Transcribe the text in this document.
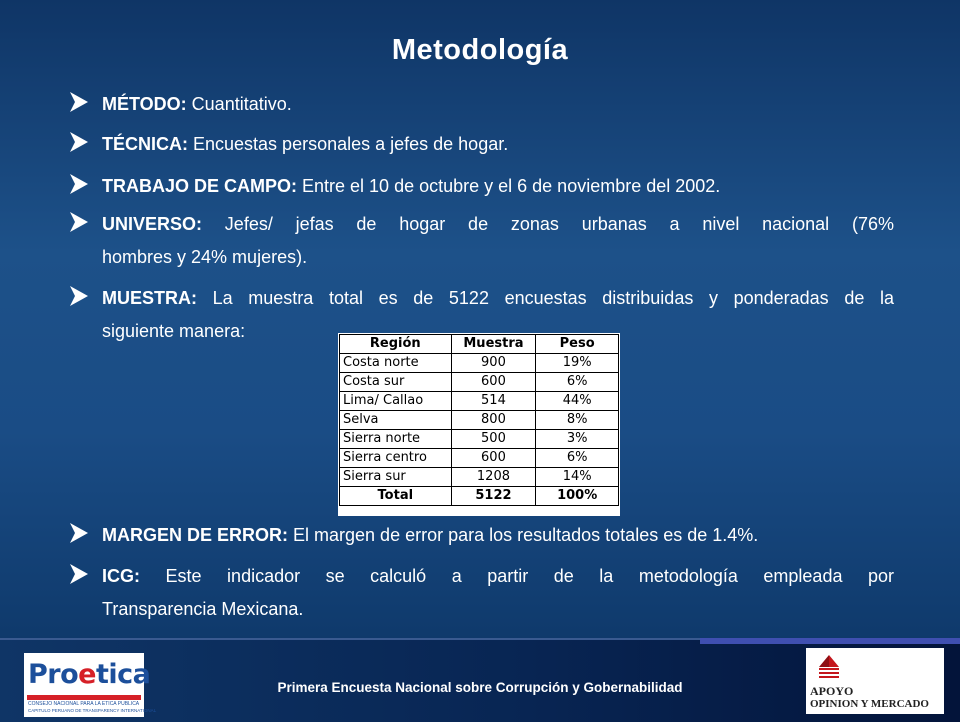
Metodología
MÉTODO: Cuantitativo.
TÉCNICA: Encuestas personales a jefes de hogar.
TRABAJO DE CAMPO: Entre el 10 de octubre y el 6 de noviembre del 2002.
UNIVERSO: Jefes/ jefas de hogar de zonas urbanas a nivel nacional (76%
hombres y 24% mujeres).
MUESTRA: La muestra total es de 5122 encuestas distribuidas y ponderadas de la
siguiente manera:
Región	Muestra	Peso
Costa norte	900	19%
Costa sur	600	6%
Lima/ Callao	514	44%
Selva	800	8%
Sierra norte	500	3%
Sierra centro	600	6%
Sierra sur	1208	14%
Total	5122	100%
MARGEN DE ERROR: El margen de error para los resultados totales es de 1.4%.
ICG: Este indicador se calculó a partir de la metodología empleada por
Transparencia Mexicana.
Proetica
CONSEJO NACIONAL PARA LA ETICA PUBLICA
CAPITULO PERUANO DE TRANSPARENCY INTERNATIONAL
Primera Encuesta Nacional sobre Corrupción y Gobernabilidad	APOYO
OPINION Y MERCADO
